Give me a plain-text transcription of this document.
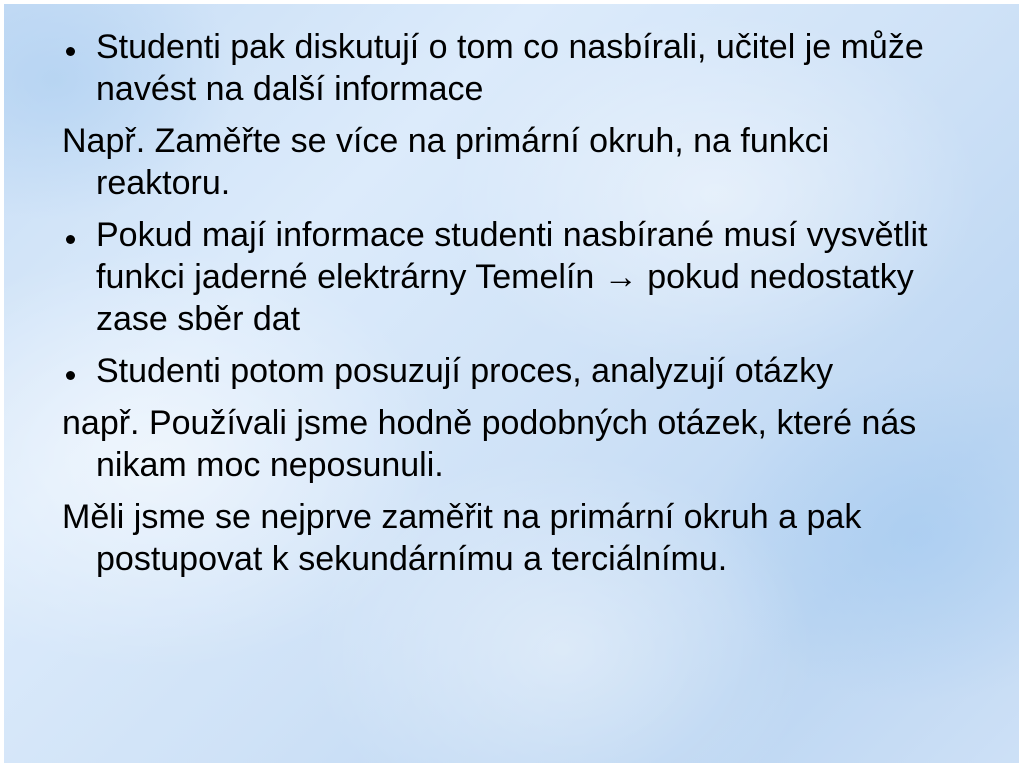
Studenti pak diskutují o tom co nasbírali, učitel je může navést na další informace
Např. Zaměřte se více na primární okruh, na funkci reaktoru.
Pokud mají informace studenti nasbírané musí vysvětlit funkci jaderné elektrárny Temelín → pokud nedostatky zase sběr dat
Studenti potom posuzují proces, analyzují otázky
např. Používali jsme hodně podobných otázek, které nás nikam moc neposunuli.
Měli jsme se nejprve zaměřit na primární okruh a pak postupovat k sekundárnímu a terciálnímu.
